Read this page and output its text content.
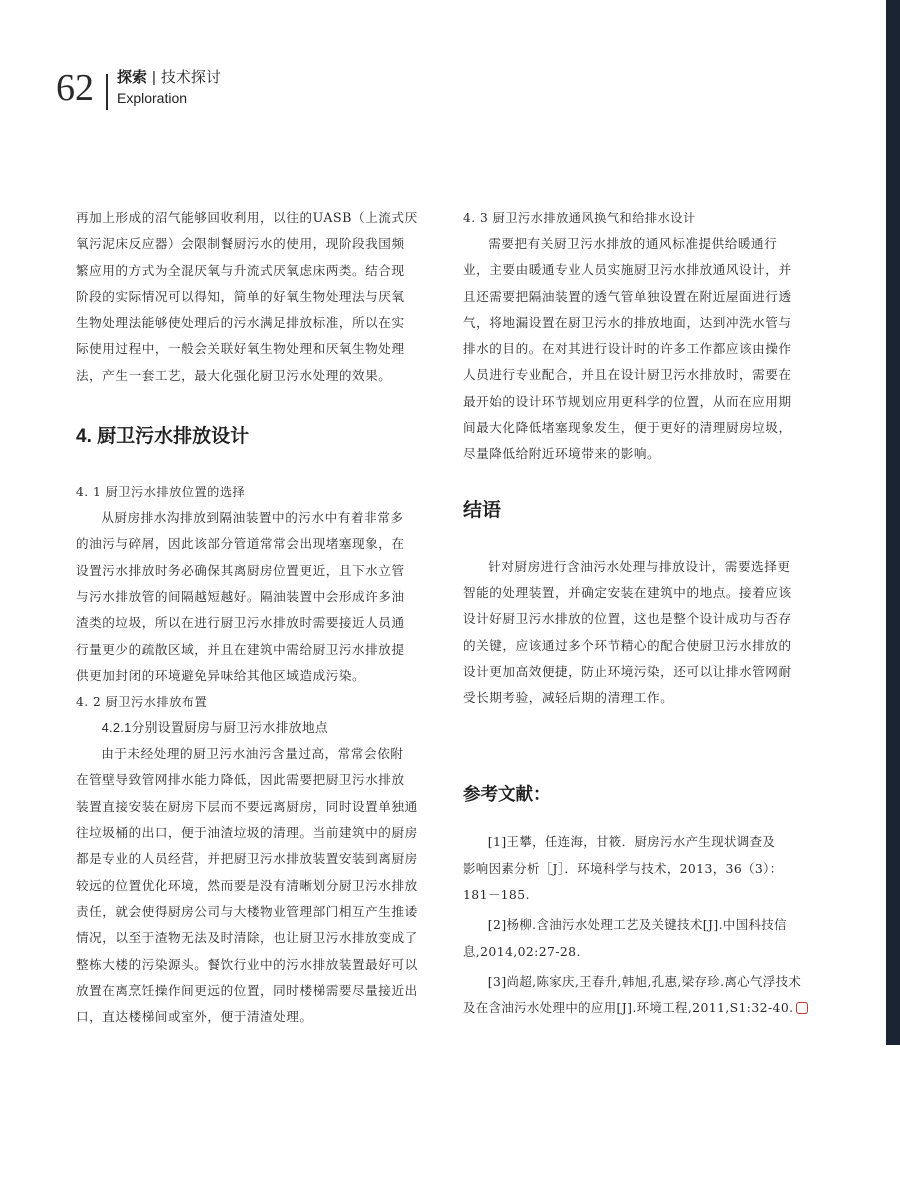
62 探索 | 技术探讨
Exploration

再加上形成的沼气能够回收利用，以往的UASB（上流式厌

氧污泥床反应器）会限制餐厨污水的使用，现阶段我国频

繁应用的方式为全混厌氧与升流式厌氧虑床两类。结合现

阶段的实际情况可以得知，简单的好氧生物处理法与厌氧

生物处理法能够使处理后的污水满足排放标准，所以在实

际使用过程中，一般会关联好氧生物处理和厌氧生物处理

法，产生一套工艺，最大化强化厨卫污水处理的效果。

4. 厨卫污水排放设计

4. 1 厨卫污水排放位置的选择

从厨房排水沟排放到隔油装置中的污水中有着非常多

的油污与碎屑，因此该部分管道常常会出现堵塞现象，在

设置污水排放时务必确保其离厨房位置更近，且下水立管

与污水排放管的间隔越短越好。隔油装置中会形成许多油

渣类的垃圾，所以在进行厨卫污水排放时需要接近人员通

行量更少的疏散区域，并且在建筑中需给厨卫污水排放提

供更加封闭的环境避免异味给其他区域造成污染。

4. 2 厨卫污水排放布置

4.2.1分别设置厨房与厨卫污水排放地点

由于未经处理的厨卫污水油污含量过高，常常会依附

在管壁导致管网排水能力降低，因此需要把厨卫污水排放

装置直接安装在厨房下层而不要远离厨房，同时设置单独通

往垃圾桶的出口，便于油渣垃圾的清理。当前建筑中的厨房

都是专业的人员经营，并把厨卫污水排放装置安装到离厨房

较远的位置优化环境，然而要是没有清晰划分厨卫污水排放

责任，就会使得厨房公司与大楼物业管理部门相互产生推诿

情况，以至于渣物无法及时清除，也让厨卫污水排放变成了

整栋大楼的污染源头。餐饮行业中的污水排放装置最好可以

放置在离烹饪操作间更远的位置，同时楼梯需要尽量接近出

口，直达楼梯间或室外，便于清渣处理。

4. 3 厨卫污水排放通风换气和给排水设计

需要把有关厨卫污水排放的通风标准提供给暖通行

业，主要由暖通专业人员实施厨卫污水排放通风设计，并

且还需要把隔油装置的透气管单独设置在附近屋面进行透

气，将地漏设置在厨卫污水的排放地面，达到冲洗水管与

排水的目的。在对其进行设计时的许多工作都应该由操作

人员进行专业配合，并且在设计厨卫污水排放时，需要在

最开始的设计环节规划应用更科学的位置，从而在应用期

间最大化降低堵塞现象发生，便于更好的清理厨房垃圾，

尽量降低给附近环境带来的影响。

结语

针对厨房进行含油污水处理与排放设计，需要选择更

智能的处理装置，并确定安装在建筑中的地点。接着应该

设计好厨卫污水排放的位置，这也是整个设计成功与否存

的关键，应该通过多个环节精心的配合使厨卫污水排放的

设计更加高效便捷，防止环境污染，还可以让排水管网耐

受长期考验，减轻后期的清理工作。

参考文献：

[1]王攀，任连海，甘筱．厨房污水产生现状调查及

影响因素分析［J］．环境科学与技术，2013，36（3）：

181－185.

[2]杨柳.含油污水处理工艺及关键技术[J].中国科技信

息,2014,02:27-28.

[3]尚超,陈家庆,王春升,韩旭,孔惠,梁存珍.离心气浮技术

及在含油污水处理中的应用[J].环境工程,2011,S1:32-40.
